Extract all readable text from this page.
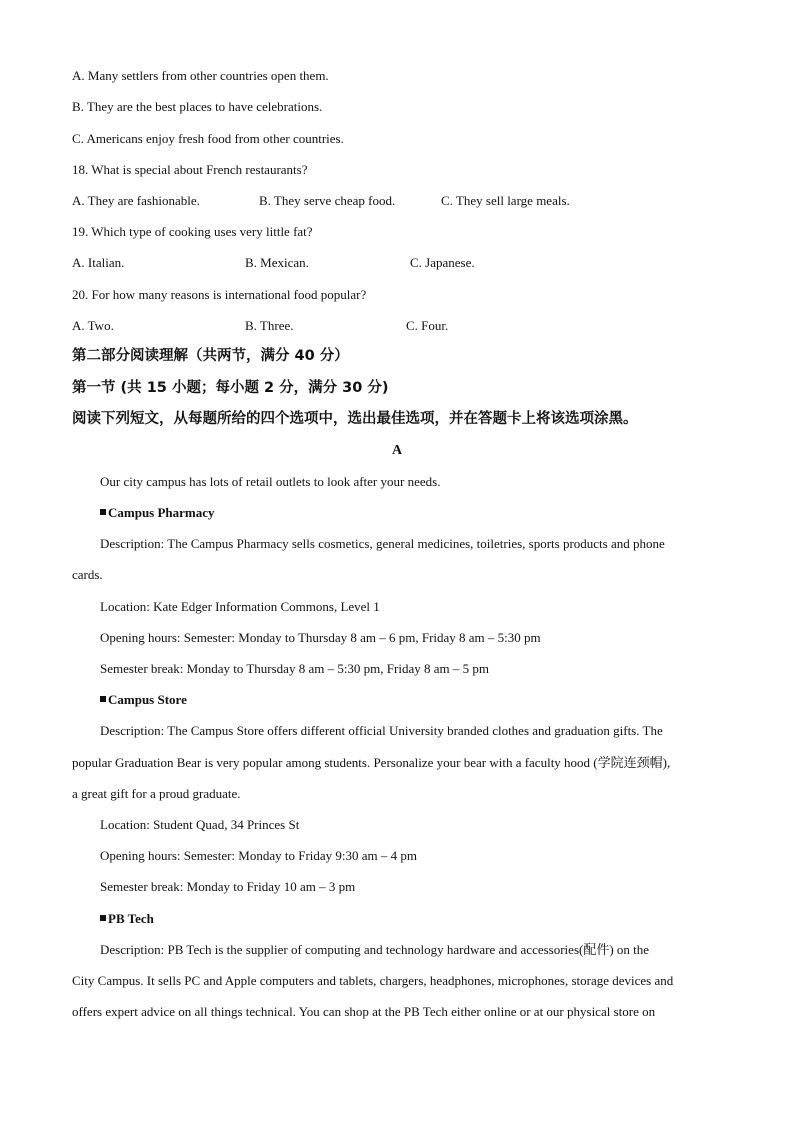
A. Many settlers from other countries open them.
B. They are the best places to have celebrations.
C. Americans enjoy fresh food from other countries.
18. What is special about French restaurants?
A. They are fashionable.	B. They serve cheap food.	C. They sell large meals.
19. Which type of cooking uses very little fat?
A. Italian.	B. Mexican.	C. Japanese.
20. For how many reasons is international food popular?
A. Two.	B. Three.	C. Four.
第二部分阅读理解（共两节，满分 40 分）
第一节 (共 15 小题；每小题 2 分，满分 30 分)
阅读下列短文，从每题所给的四个选项中，选出最佳选项，并在答题卡上将该选项涂黑。
A
Our city campus has lots of retail outlets to look after your needs.
Campus Pharmacy
Description: The Campus Pharmacy sells cosmetics, general medicines, toiletries, sports products and phone
cards.
Location: Kate Edger Information Commons, Level 1
Opening hours: Semester: Monday to Thursday 8 am – 6 pm, Friday 8 am – 5:30 pm
Semester break: Monday to Thursday 8 am – 5:30 pm, Friday 8 am – 5 pm
Campus Store
Description: The Campus Store offers different official University branded clothes and graduation gifts. The
popular Graduation Bear is very popular among students. Personalize your bear with a faculty hood (学院连颈帽),
a great gift for a proud graduate.
Location: Student Quad, 34 Princes St
Opening hours: Semester: Monday to Friday 9:30 am – 4 pm
Semester break: Monday to Friday 10 am – 3 pm
PB Tech
Description: PB Tech is the supplier of computing and technology hardware and accessories(配件) on the
City Campus. It sells PC and Apple computers and tablets, chargers, headphones, microphones, storage devices and
offers expert advice on all things technical. You can shop at the PB Tech either online or at our physical store on
